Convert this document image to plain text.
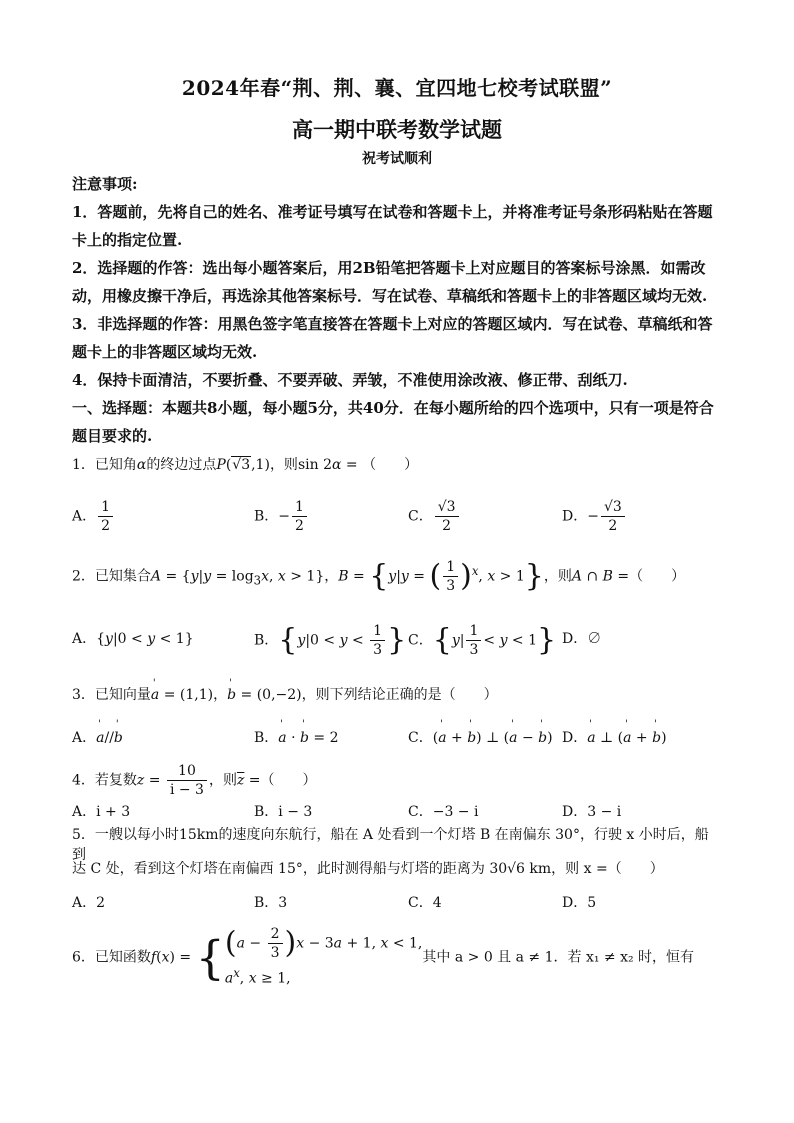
2024年春“荆、荆、襄、宜四地七校考试联盟”
高一期中联考数学试题
祝考试顺利

注意事项:

1．答题前，先将自己的姓名、准考证号填写在试卷和答题卡上，并将准考证号条形码粘贴在答题卡上的指定位置.

2．选择题的作答：选出每小题答案后，用2B铅笔把答题卡上对应题目的答案标号涂黑．如需改动，用橡皮擦干净后，再选涂其他答案标号．写在试卷、草稿纸和答题卡上的非答题区域均无效.

3．非选择题的作答：用黑色签字笔直接答在答题卡上对应的答题区域内．写在试卷、草稿纸和答题卡上的非答题区域均无效.

4．保持卡面清洁，不要折叠、不要弄破、弄皱，不准使用涂改液、修正带、刮纸刀.

一、选择题：本题共8小题，每小题5分，共40分．在每小题所给的四个选项中，只有一项是符合题目要求的.

1．已知角α的终边过点P(√3,1)，则sin 2α = （　　）
A． $\frac{1}{2}$	B．− $\frac{1}{2}$	C． $\frac{√3}{2}$	D．− $\frac{√3}{2}$
2．已知集合$A = \{y|y = \log_3x$, x > 1}，B = {y|y = ( $\frac{1}{3} )^x$, x > 1}，则A ∩ B =（　　）
A．{y|0 < y < 1}	B．{$y|0 < y < \frac{1}{3}$ } C．$\{y| \frac{1}{3} < y < 1\}$ D．∅
3．已知向量' a = (1,1)，' b = (0,−2)，则下列结论正确的是（　　）
A．' a//' b	B．' a · ' b = 2	C．(' a + ' b) ⊥ (' a − ' b) D．' a ⊥ (' a + ' b)
4．若复数$z = \frac{10}{i - 3}$ ，则$\overline{z}$ =（　　）
A．i + 3	B．i − 3	C．−3 − i	D．3 − i
5．一艘以每小时15km的速度向东航行，船在 A 处看到一个灯塔 B 在南偏东 30°，行驶 x 小时后，船到
达 C 处，看到这个灯塔在南偏西 15°，此时测得船与灯塔的距离为 30√6 km，则 x =（　　）
A．2	B．3	C．4	D．5
6．已知函数f(x) = { $(a - \frac{2}{3} )x - 3a + 1$, x < 1,
$a^x$, x ≥ 1,
其中 a > 0 且 a ≠ 1．若 x₁ ≠ x₂ 时，恒有
